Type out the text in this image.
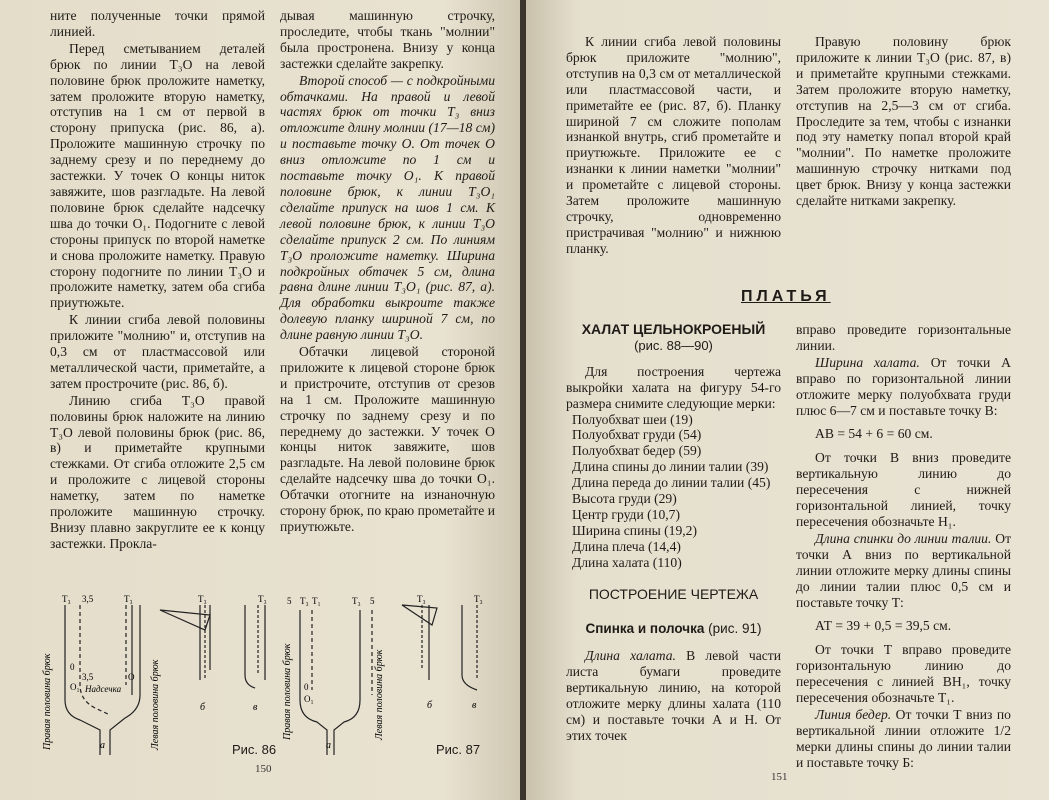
ните полученные точки прямой линией.

Перед сметыванием деталей брюк по линии Т₃О на левой половине брюк проложите наметку, затем проложите вторую наметку, отступив на 1 см от первой в сторону припуска (рис. 86, а). Проложите машинную строчку по заднему срезу и по переднему до застежки. У точек О концы ниток завяжите, шов разгладьте. На левой половине брюк сделайте надсечку шва до точки О₁. Подогните с левой стороны припуск по второй наметке и снова проложите наметку. Правую сторону подогните по линии Т₃О и проложите наметку, затем оба сгиба приутюжьте.

К линии сгиба левой половины приложите "молнию" и, отступив на 0,3 см от пластмассовой или металлической части, приметайте, а затем прострочите (рис. 86, б).

Линию сгиба Т₃О правой половины брюк наложите на линию Т₃О левой половины брюк (рис. 86, в) и приметайте крупными стежками. От сгиба отложите 2,5 см и проложите с лицевой стороны наметку, затем по наметке проложите машинную строчку. Внизу плавно закруглите ее к концу застежки. Прокла-

дывая машинную строчку, проследите, чтобы ткань "молнии" была простронена. Внизу у конца застежки сделайте закрепку.

Второй способ — с подкройными обтачками. На правой и левой частях брюк от точки Т₃ вниз отложите длину молнии (17—18 см) и поставьте точку О. От точек О вниз отложите по 1 см и поставьте точку О₁. К правой половине брюк, к линии Т₃О₁ сделайте припуск на шов 1 см. К левой половине брюк, к линии Т₃О сделайте припуск 2 см. По линиям Т₃О проложите наметку. Ширина подкройных обтачек 5 см, длина равна длине линии Т₃О₁ (рис. 87, а). Для обработки выкроите также долевую планку шириной 7 см, по длине равную линии Т₃О.

Обтачки лицевой стороной приложите к лицевой стороне брюк и пристрочите, отступив от срезов на 1 см. Проложите машинную строчку по заднему срезу и по переднему до застежки. У точек О концы ниток завяжите, шов разгладьте. На левой половине брюк сделайте надсечку шва до точки О₁. Обтачки отогните на изнаночную сторону брюк, по краю прометайте и приутюжьте.

Т₃ 3,5	Т₃
0
3,5
О₁
О
Надсечка
Правая половина брюк	Левая половина брюк
Т₃	Т₃
а
б	в
Рис. 86
5 Т₃ Т₁	Т₃ 5	Т₃	Т₃
0
О₁
Правая половина брюк	Левая половина брюк
а
б	в
Рис. 87
150

К линии сгиба левой половины брюк приложите "молнию", отступив на 0,3 см от металлической или пластмассовой части, и приметайте ее (рис. 87, б). Планку шириной 7 см сложите пополам изнанкой внутрь, сгиб прометайте и приутюжьте. Приложите ее с изнанки к линии наметки "молнии" и прометайте с лицевой стороны. Затем проложите машинную строчку, одновременно пристрачивая "молнию" и нижнюю планку.

Правую половину брюк приложите к линии Т₃О (рис. 87, в) и приметайте крупными стежками. Затем проложите вторую наметку, отступив на 2,5—3 см от сгиба. Проследите за тем, чтобы с изнанки под эту наметку попал второй край "молнии". По наметке проложите машинную строчку нитками под цвет брюк. Внизу у конца застежки сделайте нитками закрепку.

ПЛАТЬЯ
ХАЛАТ ЦЕЛЬНОКРОЕНЫЙ
(рис. 88—90)

Для построения чертежа выкройки халата на фигуру 54-го размера снимите следующие мерки:

Полуобхват шеи (19)
Полуобхват груди (54)
Полуобхват бедер (59)
Длина спины до линии талии (39)
Длина переда до линии талии (45)
Высота груди (29)
Центр груди (10,7)
Ширина спины (19,2)
Длина плеча (14,4)
Длина халата (110)
ПОСТРОЕНИЕ ЧЕРТЕЖА
Спинка и полочка (рис. 91)

Длина халата. В левой части листа бумаги проведите вертикальную линию, на которой отложите мерку длины халата (110 см) и поставьте точки А и Н. От этих точек

вправо проведите горизонтальные линии.

Ширина халата. От точки А вправо по горизонтальной линии отложите мерку полуобхвата груди плюс 6—7 см и поставьте точку В:

АВ = 54 + 6 = 60 см.

От точки В вниз проведите вертикальную линию до пересечения с нижней горизонтальной линией, точку пересечения обозначьте Н₁.

Длина спинки до линии талии. От точки А вниз по вертикальной линии отложите мерку длины спины до линии талии плюс 0,5 см и поставьте точку Т:

АТ = 39 + 0,5 = 39,5 см.

От точки Т вправо проведите горизонтальную линию до пересечения с линией ВН₁, точку пересечения обозначьте Т₁.

Линия бедер. От точки Т вниз по вертикальной линии отложите 1/2 мерки длины спины до линии талии и поставьте точку Б:

151
